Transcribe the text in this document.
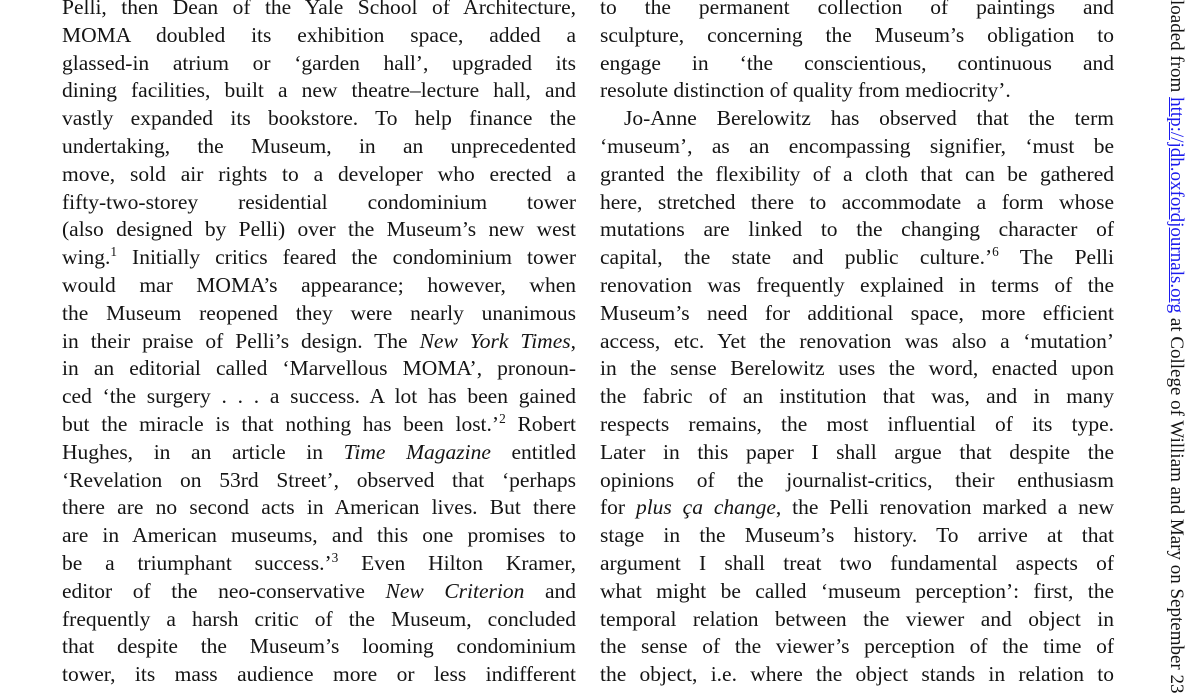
Pelli, then Dean of the Yale School of Architecture,
MOMA doubled its exhibition space, added a
glassed-in atrium or ‘garden hall’, upgraded its
dining facilities, built a new theatre–lecture hall, and
vastly expanded its bookstore. To help finance the
undertaking, the Museum, in an unprecedented
move, sold air rights to a developer who erected a
fifty-two-storey residential condominium tower
(also designed by Pelli) over the Museum’s new west
wing.$^1$ Initially critics feared the condominium tower
would mar MOMA’s appearance; however, when
the Museum reopened they were nearly unanimous
in their praise of Pelli’s design. The New York Times,
in an editorial called ‘Marvellous MOMA’, pronoun-
ced ‘the surgery . . . a success. A lot has been gained
but the miracle is that nothing has been lost.’$^2$ Robert
Hughes, in an article in Time Magazine entitled
‘Revelation on 53rd Street’, observed that ‘perhaps
there are no second acts in American lives. But there
are in American museums, and this one promises to
be a triumphant success.’$^3$ Even Hilton Kramer,
editor of the neo-conservative New Criterion and
frequently a harsh critic of the Museum, concluded
that despite the Museum’s looming condominium
tower, its mass audience more or less indifferent
to the permanent collection of paintings and
sculpture, concerning the Museum’s obligation to
engage in ‘the conscientious, continuous and
resolute distinction of quality from mediocrity’.
Jo-Anne Berelowitz has observed that the term
‘museum’, as an encompassing signifier, ‘must be
granted the flexibility of a cloth that can be gathered
here, stretched there to accommodate a form whose
mutations are linked to the changing character of
capital, the state and public culture.’$^6$ The Pelli
renovation was frequently explained in terms of the
Museum’s need for additional space, more efficient
access, etc. Yet the renovation was also a ‘mutation’
in the sense Berelowitz uses the word, enacted upon
the fabric of an institution that was, and in many
respects remains, the most influential of its type.
Later in this paper I shall argue that despite the
opinions of the journalist-critics, their enthusiasm
for plus ça change, the Pelli renovation marked a new
stage in the Museum’s history. To arrive at that
argument I shall treat two fundamental aspects of
what might be called ‘museum perception’: first, the
temporal relation between the viewer and object in
the sense of the viewer’s perception of the time of
the object, i.e. where the object stands in relation to
loaded from http://jdh.oxfordjournals.org at College of William and Mary on September 23
